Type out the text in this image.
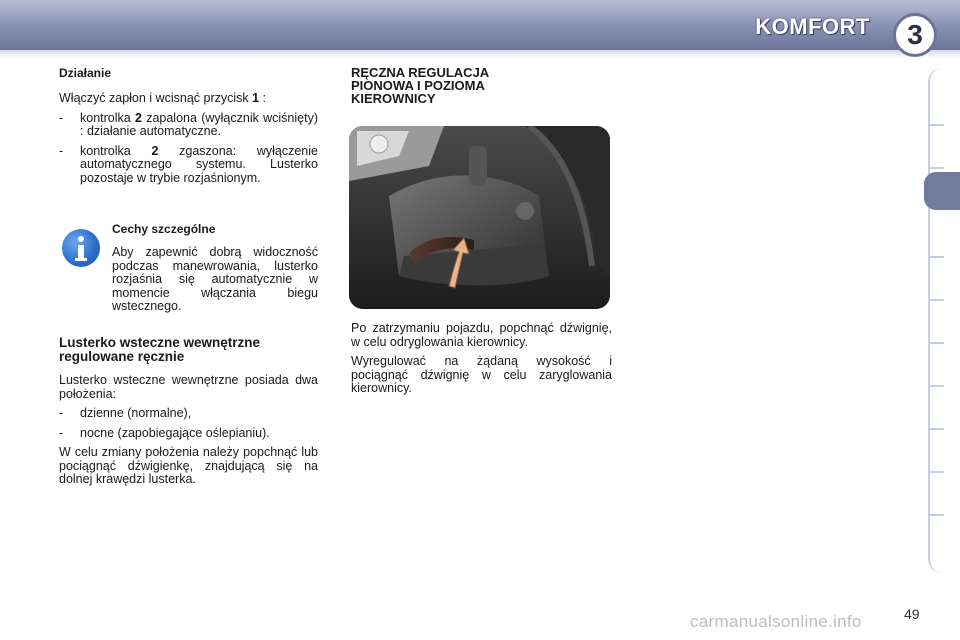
KOMFORT	3
Działanie
Włączyć zapłon i wcisnąć przycisk 1 :
-	kontrolka 2 zapalona (wyłącznik wciśnięty) : działanie automatyczne.
-	kontrolka 2 zgaszona: wyłączenie automatycznego systemu. Lusterko pozostaje w trybie rozjaśnionym.
Cechy szczególne
Aby zapewnić dobrą widoczność podczas manewrowania, lusterko rozjaśnia się automatycznie w momencie włączania biegu wstecznego.
Lusterko wsteczne wewnętrzne regulowane ręcznie
Lusterko wsteczne wewnętrzne posiada dwa położenia:
-	dzienne (normalne),
-	nocne (zapobiegające oślepianiu).
W celu zmiany położenia należy popchnąć lub pociągnąć dźwigienkę, znajdującą się na dolnej krawędzi lusterka.
RĘCZNA REGULACJA PIONOWA I POZIOMA KIEROWNICY
Po zatrzymaniu pojazdu, popchnąć dźwignię, w celu odryglowania kierownicy.
Wyregulować na żądaną wysokość i pociągnąć dźwignię w celu zaryglowania kierownicy.
carmanualsonline.info	49
